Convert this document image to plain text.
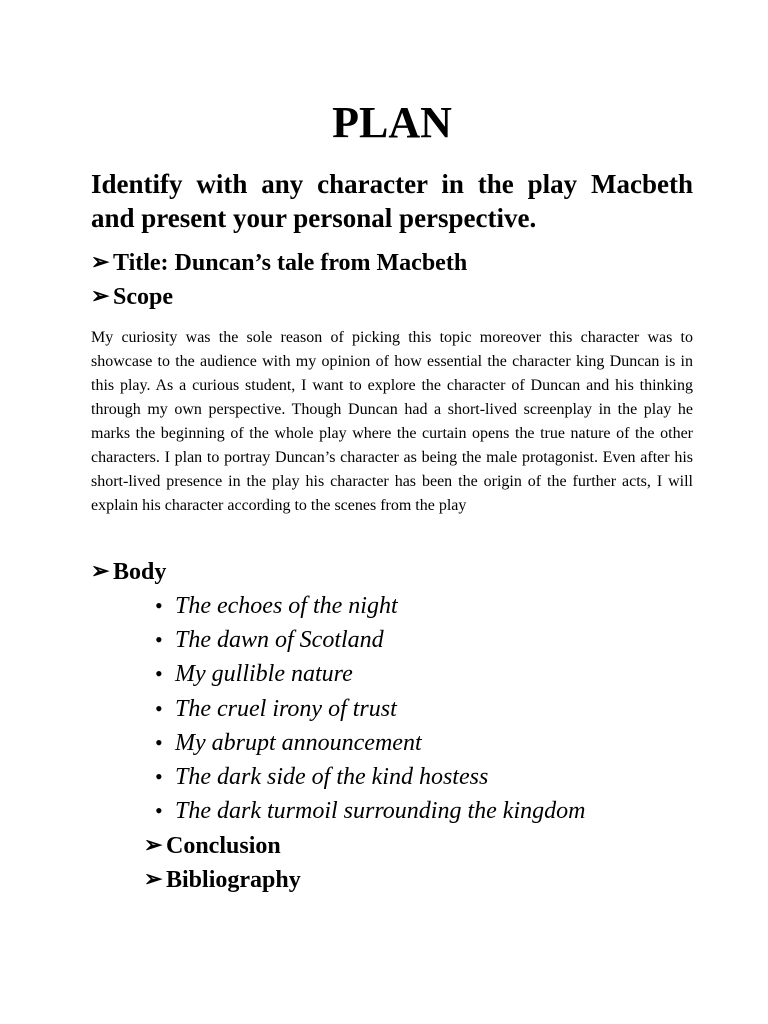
PLAN

Identify with any character in the play Macbeth and present your personal perspective.

➢ Title: Duncan’s tale from Macbeth
➢ Scope

My curiosity was the sole reason of picking this topic moreover this character was to showcase to the audience with my opinion of how essential the character king Duncan is in this play. As a curious student, I want to explore the character of Duncan and his thinking through my own perspective. Though Duncan had a short-lived screenplay in the play he marks the beginning of the whole play where the curtain opens the true nature of the other characters. I plan to portray Duncan’s character as being the male protagonist. Even after his short-lived presence in the play his character has been the origin of the further acts, I will explain his character according to the scenes from the play

➢ Body
• The echoes of the night
• The dawn of Scotland
• My gullible nature
• The cruel irony of trust
• My abrupt announcement
• The dark side of the kind hostess
• The dark turmoil surrounding the kingdom
➢ Conclusion
➢ Bibliography
